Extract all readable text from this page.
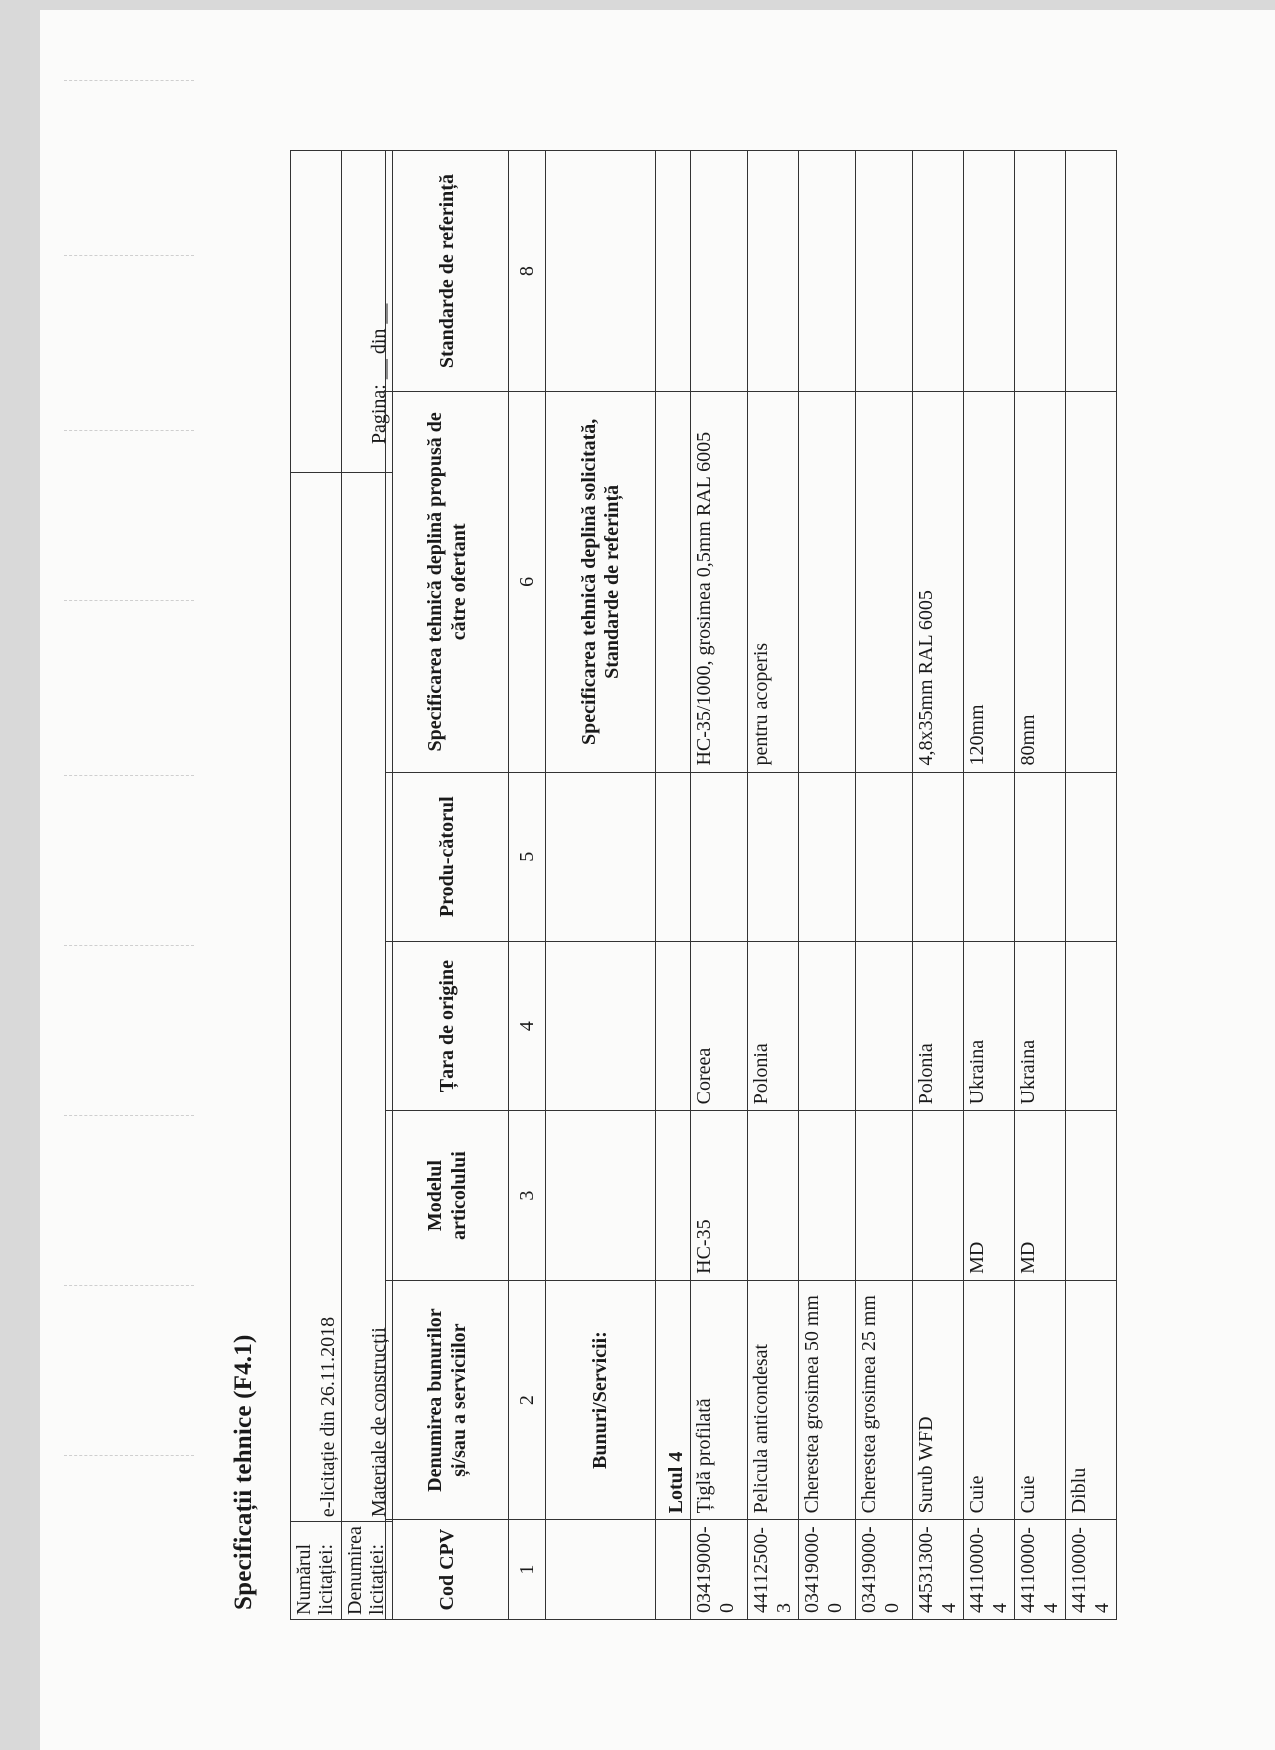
Specificații tehnice (F4.1) Numărul licitației:	e-licitație din 26.11.2018	
Denumirea licitației:	Materiale de construcții	Pagina: __ din __
Cod CPV	Denumirea bunurilor și/sau a serviciilor	Modelul articolului	Țara de origine	Produ-cătorul	Specificarea tehnică deplină propusă de către ofertant	Standarde de referință
1	2	3	4	5	6	8
	Bunuri/Servicii:				Specificarea tehnică deplină solicitată, Standarde de referință	
	Lotul 4					
03419000-0	Țiglă profilată	HC-35	Coreea		HC-35/1000, grosimea 0,5mm RAL 6005	
44112500-3	Pelicula anticondesat		Polonia		pentru acoperis	
03419000-0	Cherestea grosimea 50 mm					
03419000-0	Cherestea grosimea 25 mm					
44531300-4	Surub WFD		Polonia		4,8x35mm RAL 6005	
44110000-4	Cuie	MD	Ukraina		120mm	
44110000-4	Cuie	MD	Ukraina		80mm	
44110000-4	Diblu					
